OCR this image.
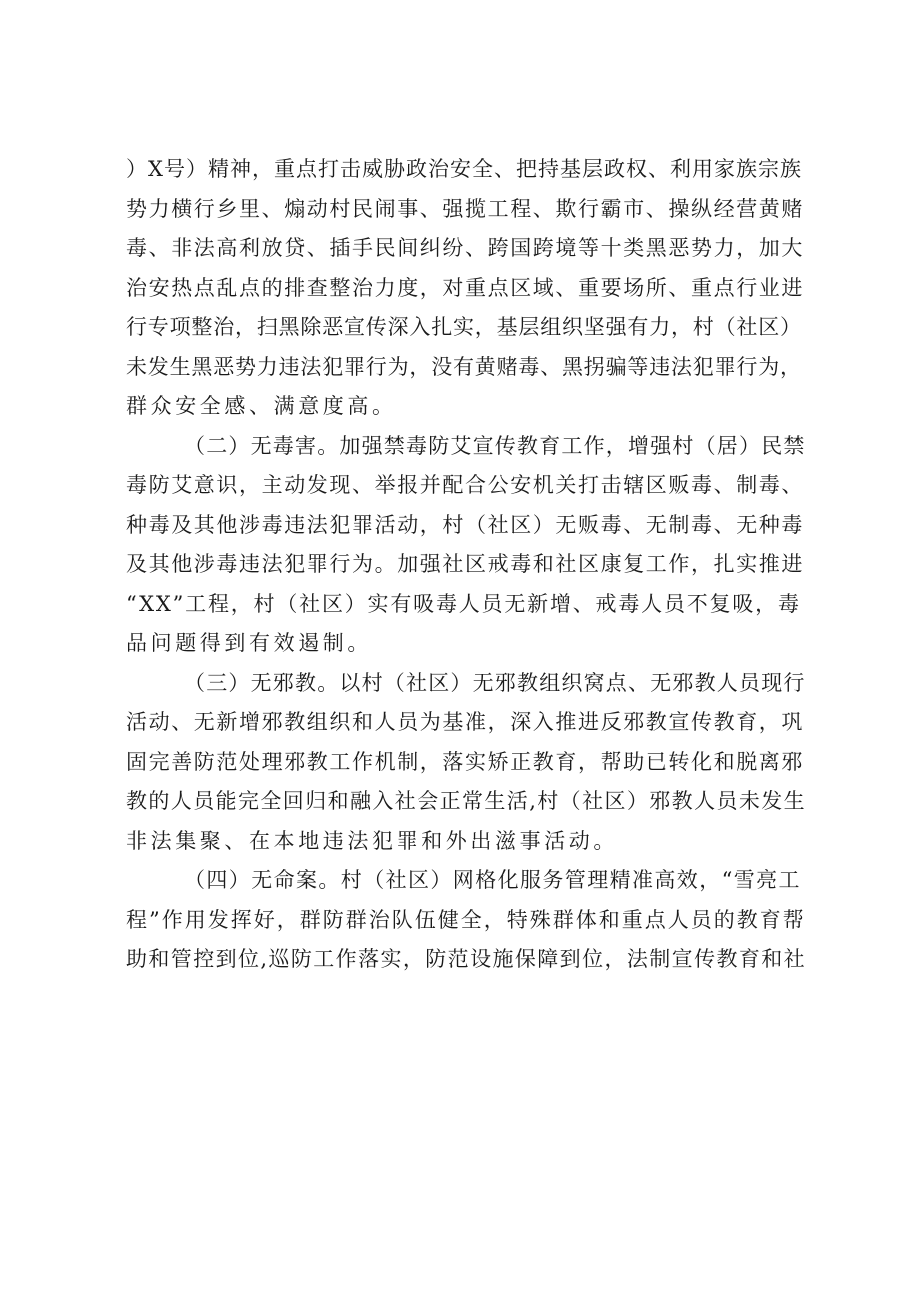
）X号）精神，重点打击威胁政治安全、把持基层政权、利用家族宗族
势力横行乡里、煽动村民闹事、强揽工程、欺行霸市、操纵经营黄赌
毒、非法高利放贷、插手民间纠纷、跨国跨境等十类黑恶势力，加大
治安热点乱点的排查整治力度，对重点区域、重要场所、重点行业进
行专项整治，扫黑除恶宣传深入扎实，基层组织坚强有力，村（社区）
未发生黑恶势力违法犯罪行为，没有黄赌毒、黑拐骗等违法犯罪行为，
群众安全感、满意度高。
（二）无毒害。加强禁毒防艾宣传教育工作，增强村（居）民禁
毒防艾意识，主动发现、举报并配合公安机关打击辖区贩毒、制毒、
种毒及其他涉毒违法犯罪活动，村（社区）无贩毒、无制毒、无种毒
及其他涉毒违法犯罪行为。加强社区戒毒和社区康复工作，扎实推进
“XX”工程，村（社区）实有吸毒人员无新增、戒毒人员不复吸，毒
品问题得到有效遏制。
（三）无邪教。以村（社区）无邪教组织窝点、无邪教人员现行
活动、无新增邪教组织和人员为基准，深入推进反邪教宣传教育，巩
固完善防范处理邪教工作机制，落实矫正教育，帮助已转化和脱离邪
教的人员能完全回归和融入社会正常生活,村（社区）邪教人员未发生
非法集聚、在本地违法犯罪和外出滋事活动。
（四）无命案。村（社区）网格化服务管理精准高效，“雪亮工
程”作用发挥好，群防群治队伍健全，特殊群体和重点人员的教育帮
助和管控到位,巡防工作落实，防范设施保障到位，法制宣传教育和社
